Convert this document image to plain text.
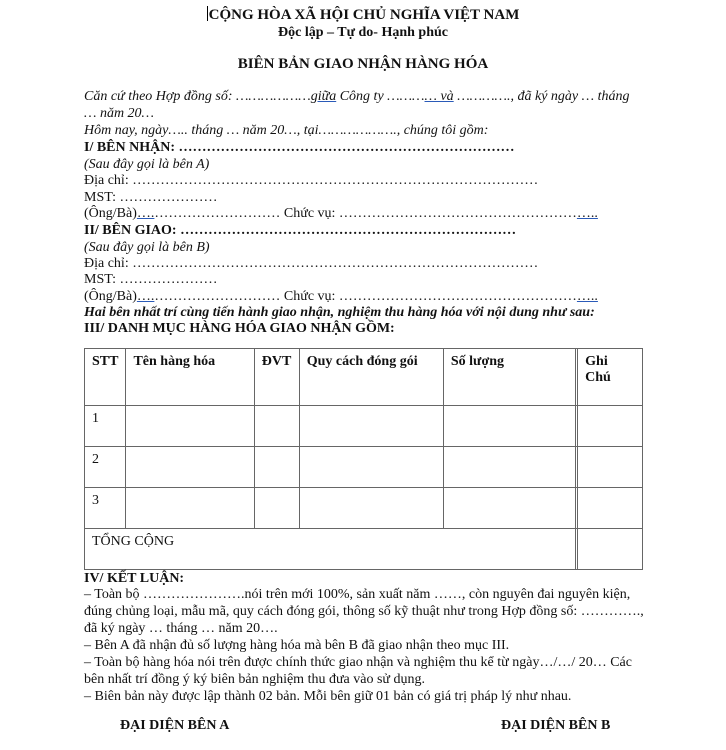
CỘNG HÒA XÃ HỘI CHỦ NGHĨA VIỆT NAM
Độc lập – Tự do- Hạnh phúc
BIÊN BẢN GIAO NHẬN HÀNG HÓA
Căn cứ theo Hợp đồng số: ………………giữa Công ty ………… và …………., đã ký ngày … tháng
… năm 20…
Hôm nay, ngày….. tháng … năm 20…, tại………………., chúng tôi gồm:
I/ BÊN NHẬN: ………………………………………………………………
(Sau đây gọi là bên A)
Địa chỉ: ……………………………………………………………………………
MST: …………………
(Ông/Bà)….……………………… Chức vụ: ………………………………………………..
II/ BÊN GIAO: ………………………………………………………………
(Sau đây gọi là bên B)
Địa chỉ: ……………………………………………………………………………
MST: …………………
(Ông/Bà)….……………………… Chức vụ: ………………………………………………..
Hai bên nhất trí cùng tiến hành giao nhận, nghiệm thu hàng hóa với nội dung như sau:
III/ DANH MỤC HÀNG HÓA GIAO NHẬN GỒM:
STT	Tên hàng hóa	ĐVT	Quy cách đóng gói	Số lượng		Ghi Chú
1						
2						
3						
TỔNG CỘNG						
IV/ KẾT LUẬN:
– Toàn bộ ………………….nói trên mới 100%, sản xuất năm ……, còn nguyên đai nguyên kiện,
đúng chủng loại, mẫu mã, quy cách đóng gói, thông số kỹ thuật như trong Hợp đồng số: ………….,
đã ký ngày … tháng … năm 20….
– Bên A đã nhận đủ số lượng hàng hóa mà bên B đã giao nhận theo mục III.
– Toàn bộ hàng hóa nói trên được chính thức giao nhận và nghiệm thu kể từ ngày…/…/ 20… Các
bên nhất trí đồng ý ký biên bản nghiệm thu đưa vào sử dụng.
– Biên bản này được lập thành 02 bản. Mỗi bên giữ 01 bản có giá trị pháp lý như nhau.
ĐẠI DIỆN BÊN A	ĐẠI DIỆN BÊN B
